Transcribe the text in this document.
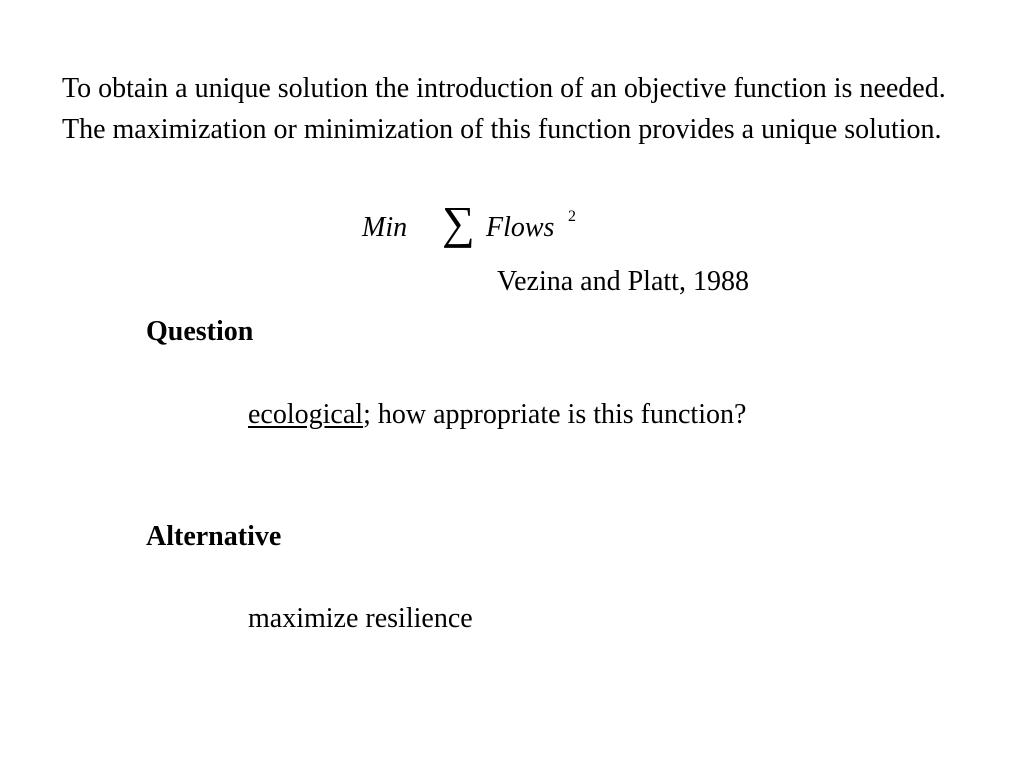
To obtain a unique solution the introduction of an objective function is needed. The maximization or minimization of this function provides a unique solution.
Min ∑ Flows 2
Vezina and Platt, 1988
Question
ecological; how appropriate is this function?
Alternative
maximize resilience
